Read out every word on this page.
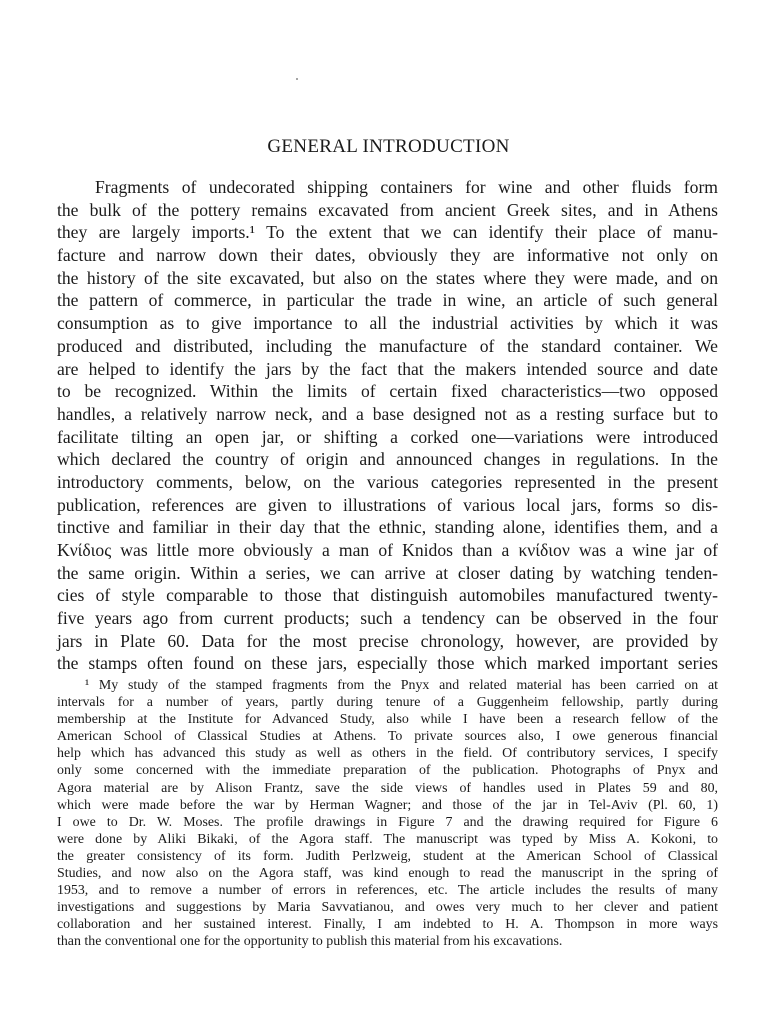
GENERAL INTRODUCTION
Fragments of undecorated shipping containers for wine and other fluids form
the bulk of the pottery remains excavated from ancient Greek sites, and in Athens
they are largely imports.¹ To the extent that we can identify their place of manu-
facture and narrow down their dates, obviously they are informative not only on
the history of the site excavated, but also on the states where they were made, and on
the pattern of commerce, in particular the trade in wine, an article of such general
consumption as to give importance to all the industrial activities by which it was
produced and distributed, including the manufacture of the standard container. We
are helped to identify the jars by the fact that the makers intended source and date
to be recognized. Within the limits of certain fixed characteristics—two opposed
handles, a relatively narrow neck, and a base designed not as a resting surface but to
facilitate tilting an open jar, or shifting a corked one—variations were introduced
which declared the country of origin and announced changes in regulations. In the
introductory comments, below, on the various categories represented in the present
publication, references are given to illustrations of various local jars, forms so dis-
tinctive and familiar in their day that the ethnic, standing alone, identifies them, and a
Κνίδιος was little more obviously a man of Knidos than a κνίδιον was a wine jar of
the same origin. Within a series, we can arrive at closer dating by watching tenden-
cies of style comparable to those that distinguish automobiles manufactured twenty-
five years ago from current products; such a tendency can be observed in the four
jars in Plate 60. Data for the most precise chronology, however, are provided by
the stamps often found on these jars, especially those which marked important series
¹ My study of the stamped fragments from the Pnyx and related material has been carried on at
intervals for a number of years, partly during tenure of a Guggenheim fellowship, partly during
membership at the Institute for Advanced Study, also while I have been a research fellow of the
American School of Classical Studies at Athens. To private sources also, I owe generous financial
help which has advanced this study as well as others in the field. Of contributory services, I specify
only some concerned with the immediate preparation of the publication. Photographs of Pnyx and
Agora material are by Alison Frantz, save the side views of handles used in Plates 59 and 80,
which were made before the war by Herman Wagner; and those of the jar in Tel-Aviv (Pl. 60, 1)
I owe to Dr. W. Moses. The profile drawings in Figure 7 and the drawing required for Figure 6
were done by Aliki Bikaki, of the Agora staff. The manuscript was typed by Miss A. Kokoni, to
the greater consistency of its form. Judith Perlzweig, student at the American School of Classical
Studies, and now also on the Agora staff, was kind enough to read the manuscript in the spring of
1953, and to remove a number of errors in references, etc. The article includes the results of many
investigations and suggestions by Maria Savvatianou, and owes very much to her clever and patient
collaboration and her sustained interest. Finally, I am indebted to H. A. Thompson in more ways
than the conventional one for the opportunity to publish this material from his excavations.
